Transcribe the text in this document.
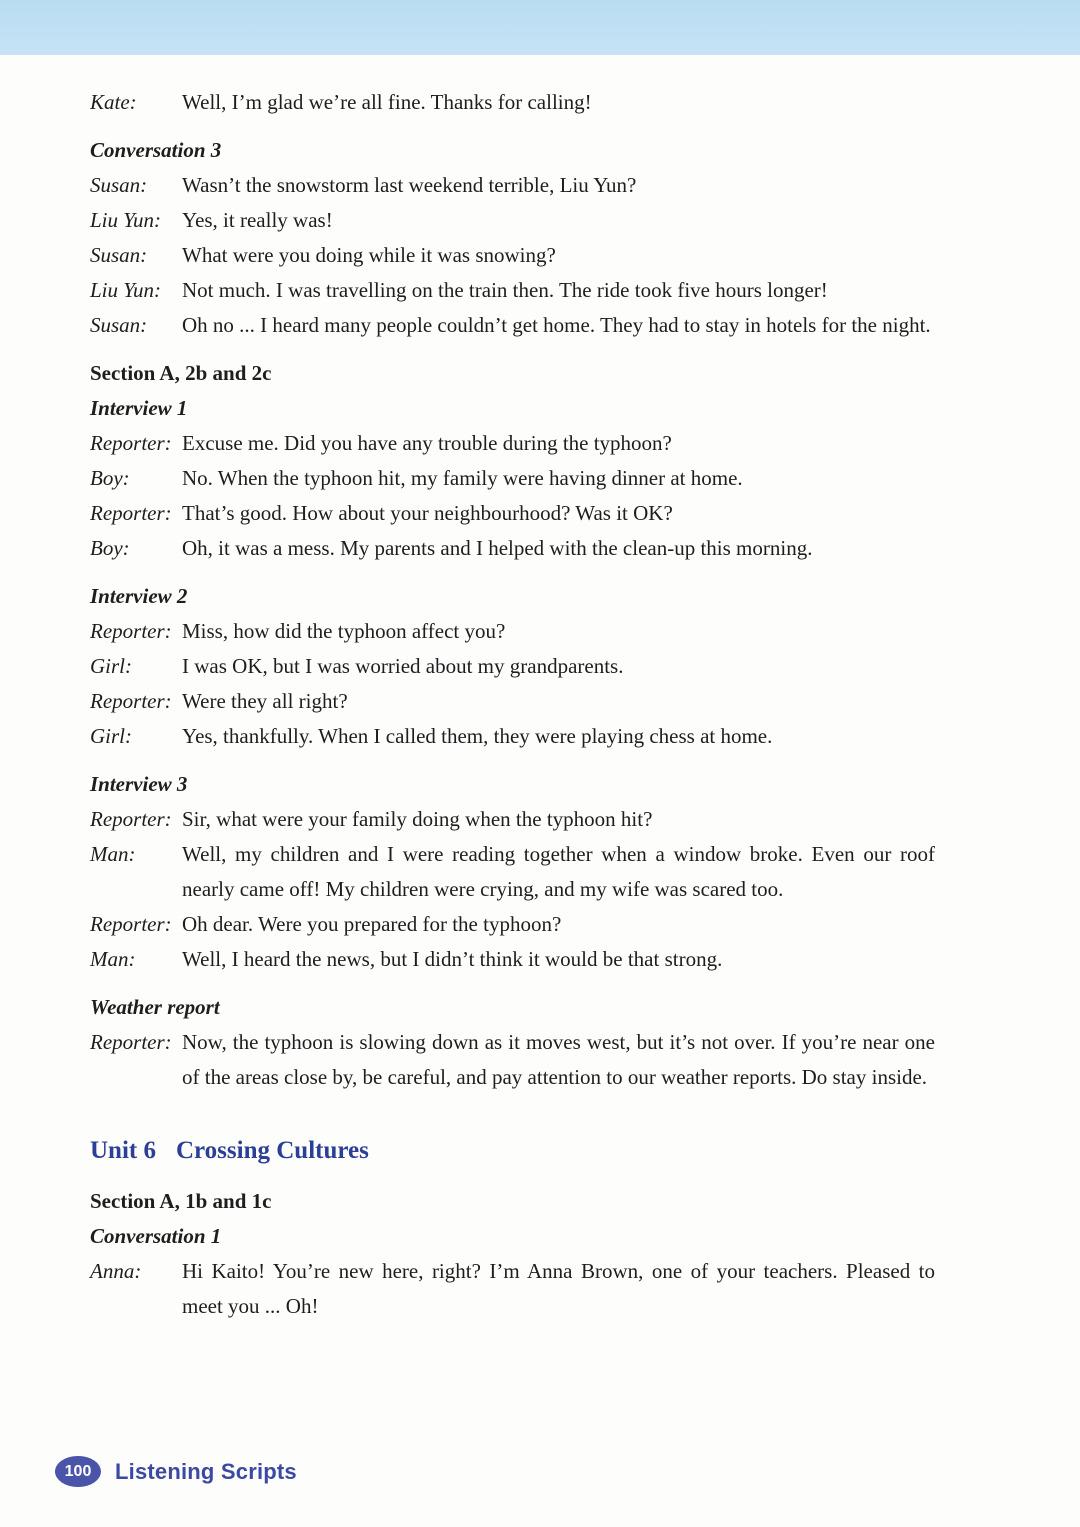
Kate:	Well, I’m glad we’re all fine. Thanks for calling!
Conversation 3
Susan:	Wasn’t the snowstorm last weekend terrible, Liu Yun?
Liu Yun: Yes, it really was!
Susan:	What were you doing while it was snowing?
Liu Yun: Not much. I was travelling on the train then. The ride took five hours longer!
Susan:	Oh no ... I heard many people couldn’t get home. They had to stay in hotels for the night.
Section A, 2b and 2c
Interview 1
Reporter: Excuse me. Did you have any trouble during the typhoon?
Boy:	No. When the typhoon hit, my family were having dinner at home.
Reporter: That’s good. How about your neighbourhood? Was it OK?
Boy:	Oh, it was a mess. My parents and I helped with the clean-up this morning.
Interview 2
Reporter: Miss, how did the typhoon affect you?
Girl:	I was OK, but I was worried about my grandparents.
Reporter: Were they all right?
Girl:	Yes, thankfully. When I called them, they were playing chess at home.
Interview 3
Reporter: Sir, what were your family doing when the typhoon hit?
Man:	Well, my children and I were reading together when a window broke. Even our roof nearly came off! My children were crying, and my wife was scared too.
Reporter: Oh dear. Were you prepared for the typhoon?
Man:	Well, I heard the news, but I didn’t think it would be that strong.
Weather report
Reporter: Now, the typhoon is slowing down as it moves west, but it’s not over. If you’re near one of the areas close by, be careful, and pay attention to our weather reports. Do stay inside.
Unit 6 Crossing Cultures
Section A, 1b and 1c
Conversation 1
Anna:	Hi Kaito! You’re new here, right? I’m Anna Brown, one of your teachers. Pleased to meet you ... Oh!
100	Listening Scripts
